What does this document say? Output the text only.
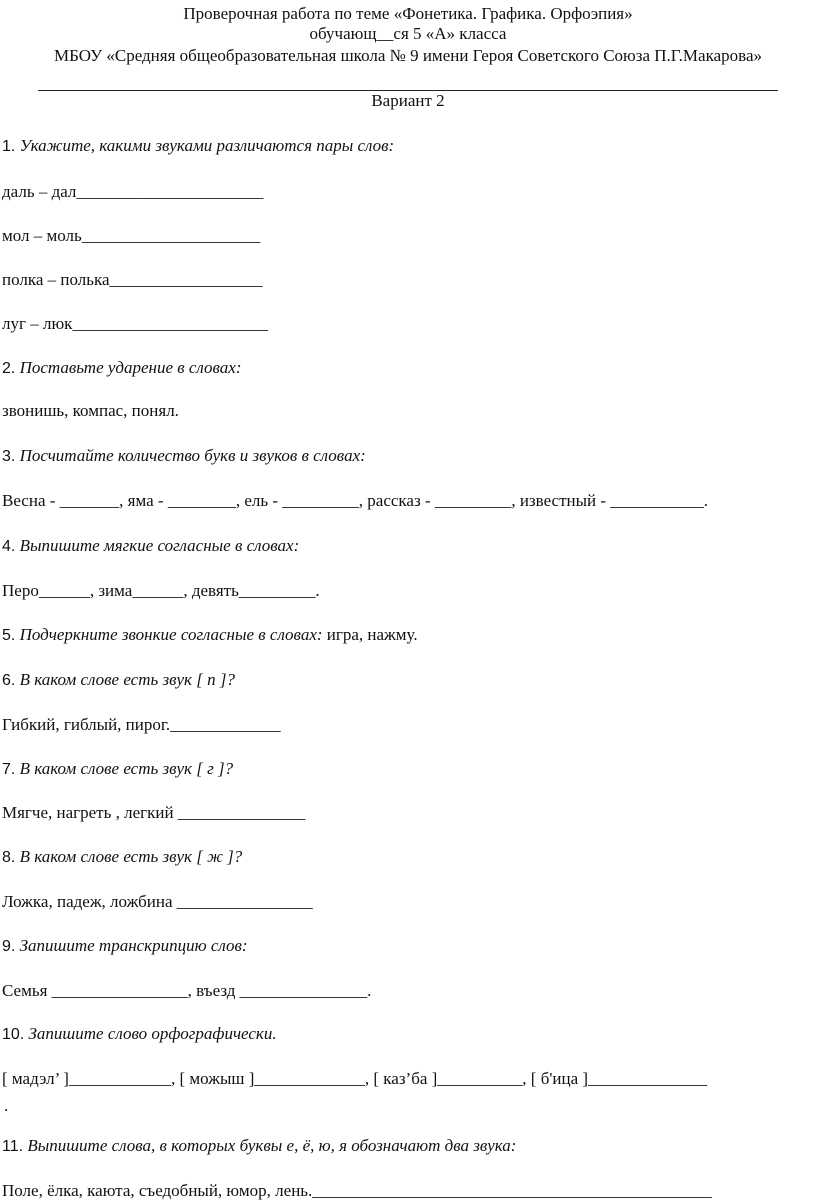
Проверочная работа по теме «Фонетика. Графика. Орфоэпия»
обучающ__ся 5 «А» класса
МБОУ «Средняя общеобразовательная школа № 9 имени Героя Советского Союза П.Г.Макарова»
Вариант 2
1. Укажите, какими звуками различаются пары слов:
даль – дал______________________
мол – моль_____________________
полка – полька__________________
луг – люк_______________________
2. Поставьте ударение в словах:
звонишь, компас, понял.
3. Посчитайте количество букв и звуков в словах:
Весна - _______, яма - ________, ель - _________, рассказ - _________, известный - ___________.
4. Выпишите мягкие согласные в словах:
Перо______, зима______, девять_________.
5. Подчеркните звонкие согласные в словах: игра, нажму.
6. В каком слове есть звук [ п ]?
Гибкий, гиблый, пирог._____________
7. В каком слове есть звук [ г ]?
Мягче, нагреть , легкий _______________
8. В каком слове есть звук [ ж ]?
Ложка, падеж, ложбина ________________
9. Запишите транскрипцию слов:
Семья ________________, въезд _______________.
10. Запишите слово орфографически.
[ мадэл’ ]____________, [ можыш ]_____________, [ каз’ба ]__________, [ б'ица ]______________
.
11. Выпишите слова, в которых буквы е, ё, ю, я обозначают два звука:
Поле, ёлка, каюта, съедобный, юмор, лень._______________________________________________
